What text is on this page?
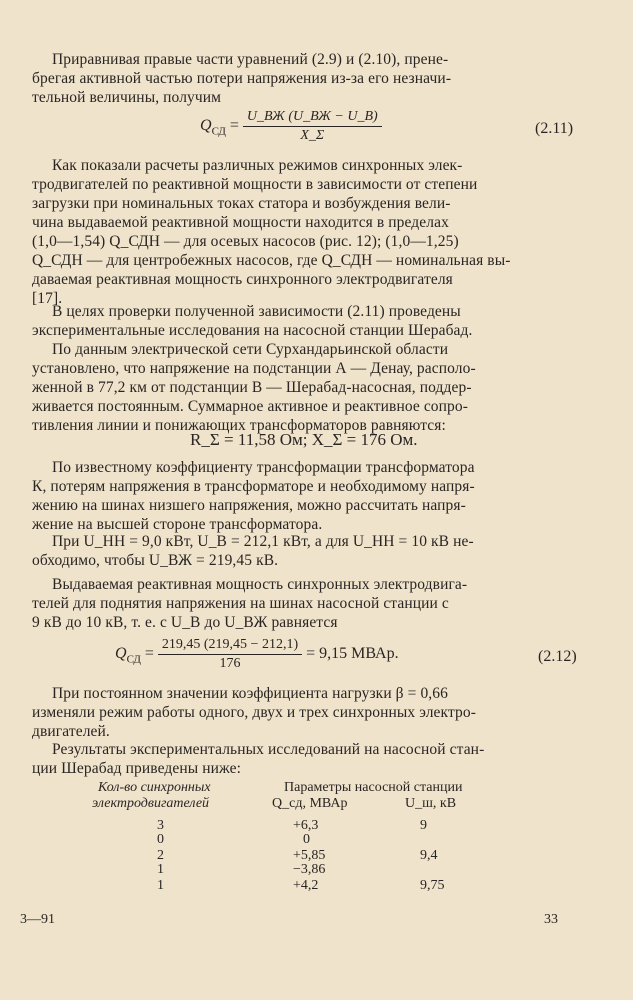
Приравнивая правые части уравнений (2.9) и (2.10), прене-
брегая активной частью потери напряжения из-за его незначи-
тельной величины, получим
$Q_{СД} = \frac{U\_ВЖ (U\_ВЖ - U\_В)}{X\_\Sigma}$	(2.11)
Как показали расчеты различных режимов синхронных элек-
тродвигателей по реактивной мощности в зависимости от степени
загрузки при номинальных токах статора и возбуждения вели-
чина выдаваемой реактивной мощности находится в пределах
(1,0—1,54) Q_СДН — для осевых насосов (рис. 12); (1,0—1,25)
Q_СДН — для центробежных насосов, где Q_СДН — номинальная вы-
даваемая реактивная мощность синхронного электродвигателя
[17].
В целях проверки полученной зависимости (2.11) проведены
экспериментальные исследования на насосной станции Шерабад.
По данным электрической сети Сурхандарьинской области
установлено, что напряжение на подстанции А — Денау, располо-
женной в 77,2 км от подстанции В — Шерабад-насосная, поддер-
живается постоянным. Суммарное активное и реактивное сопро-
тивления линии и понижающих трансформаторов равняются:
R_Σ = 11,58 Ом; X_Σ = 176 Ом.
По известному коэффициенту трансформации трансформатора
К, потерям напряжения в трансформаторе и необходимому напря-
жению на шинах низшего напряжения, можно рассчитать напря-
жение на высшей стороне трансформатора.
При U_НН = 9,0 кВт, U_В = 212,1 кВт, а для U_НН = 10 кВ не-
обходимо, чтобы U_ВЖ = 219,45 кВ.
Выдаваемая реактивная мощность синхронных электродвига-
телей для поднятия напряжения на шинах насосной станции с
9 кВ до 10 кВ, т. е. с U_В до U_ВЖ равняется
$Q_{СД} = \frac{219,45 (219,45 - 212,1)}{176} = 9,15$ МВАр.	(2.12)
При постоянном значении коэффициента нагрузки β = 0,66
изменяли режим работы одного, двух и трех синхронных электро-
двигателей.
Результаты экспериментальных исследований на насосной стан-
ции Шерабад приведены ниже:
Кол-во синхронных
электродвигателей
Параметры насосной станции
Q_сд, МВАр	U_ш, кВ
3	+6,3	9
0	0
2	+5,85	9,4
1	−3,86
1	+4,2	9,75
3—91	33
